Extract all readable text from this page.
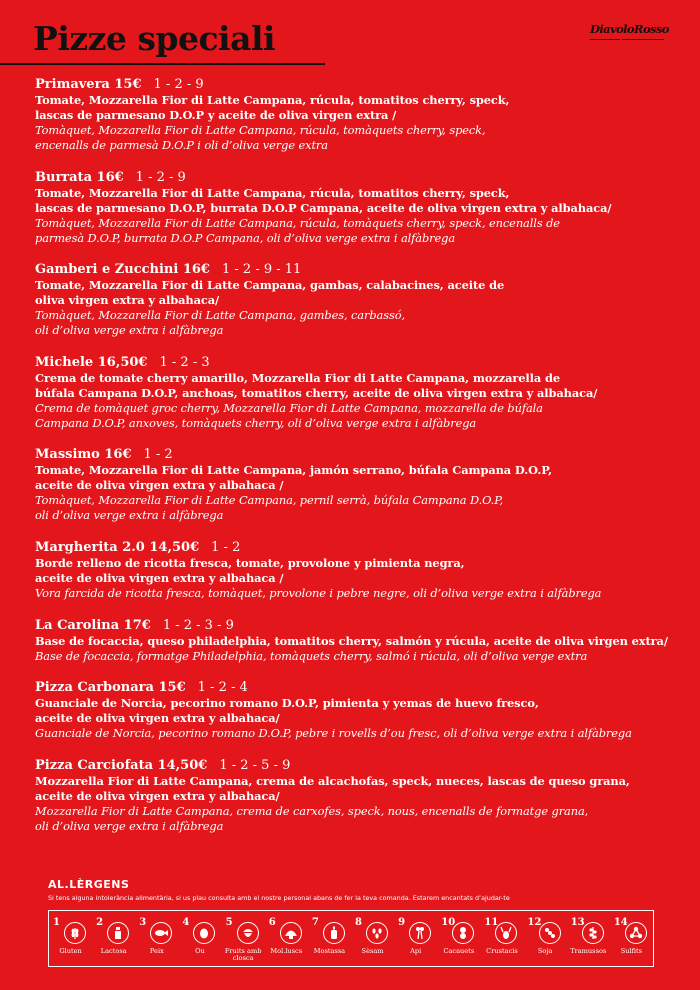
Pizze speciali	DiavoloRosso
Primavera 15€ 1 - 2 - 9
Tomate, Mozzarella Fior di Latte Campana, rúcula, tomatitos cherry, speck,
lascas de parmesano D.O.P y aceite de oliva virgen extra /
Tomàquet, Mozzarella Fior di Latte Campana, rúcula, tomàquets cherry, speck,
encenalls de parmesà D.O.P i oli d’oliva verge extra
Burrata 16€ 1 - 2 - 9
Tomate, Mozzarella Fior di Latte Campana, rúcula, tomatitos cherry, speck,
lascas de parmesano D.O.P, burrata D.O.P Campana, aceite de oliva virgen extra y albahaca/
Tomàquet, Mozzarella Fior di Latte Campana, rúcula, tomàquets cherry, speck, encenalls de
parmesà D.O.P, burrata D.O.P Campana, oli d’oliva verge extra i alfàbrega
Gamberi e Zucchini 16€ 1 - 2 - 9 - 11
Tomate, Mozzarella Fior di Latte Campana, gambas, calabacines, aceite de
oliva virgen extra y albahaca/
Tomàquet, Mozzarella Fior di Latte Campana, gambes, carbassó,
oli d’oliva verge extra i alfàbrega
Michele 16,50€ 1 - 2 - 3
Crema de tomate cherry amarillo, Mozzarella Fior di Latte Campana, mozzarella de
búfala Campana D.O.P, anchoas, tomatitos cherry, aceite de oliva virgen extra y albahaca/
Crema de tomàquet groc cherry, Mozzarella Fior di Latte Campana, mozzarella de búfala
Campana D.O.P, anxoves, tomàquets cherry, oli d’oliva verge extra i alfàbrega
Massimo 16€ 1 - 2
Tomate, Mozzarella Fior di Latte Campana, jamón serrano, búfala Campana D.O.P,
aceite de oliva virgen extra y albahaca /
Tomàquet, Mozzarella Fior di Latte Campana, pernil serrà, búfala Campana D.O.P,
oli d’oliva verge extra i alfàbrega
Margherita 2.0 14,50€ 1 - 2
Borde relleno de ricotta fresca, tomate, provolone y pimienta negra,
aceite de oliva virgen extra y albahaca /
Vora farcida de ricotta fresca, tomàquet, provolone i pebre negre, oli d’oliva verge extra i alfàbrega
La Carolina 17€ 1 - 2 - 3 - 9
Base de focaccia, queso philadelphia, tomatitos cherry, salmón y rúcula, aceite de oliva virgen extra/
Base de focaccia, formatge Philadelphia, tomàquets cherry, salmó i rúcula, oli d’oliva verge extra
Pizza Carbonara 15€ 1 - 2 - 4
Guanciale de Norcia, pecorino romano D.O.P, pimienta y yemas de huevo fresco,
aceite de oliva virgen extra y albahaca/
Guanciale de Norcia, pecorino romano D.O.P, pebre i rovells d’ou fresc, oli d’oliva verge extra i alfàbrega
Pizza Carciofata 14,50€ 1 - 2 - 5 - 9
Mozzarella Fior di Latte Campana, crema de alcachofas, speck, nueces, lascas de queso grana,
aceite de oliva virgen extra y albahaca/
Mozzarella Fior di Latte Campana, crema de carxofes, speck, nous, encenalls de formatge grana,
oli d’oliva verge extra i alfàbrega
AL.LÈRGENS
Si tens alguna intolerància alimentària, si us plau consulta amb el nostre personal abans de fer la teva comanda. Estarem encantats d’ajudar-te
1
Gluten
2
Lactosa
3
Peix
4
Ou
5
Fruits amb closca
6
Mol.luscs
7
Mostassa
8
Sèsam
9
Api
10
Cacauets
11
Crustacis
12
Soja
13
Tramussos
14
Sulfits
